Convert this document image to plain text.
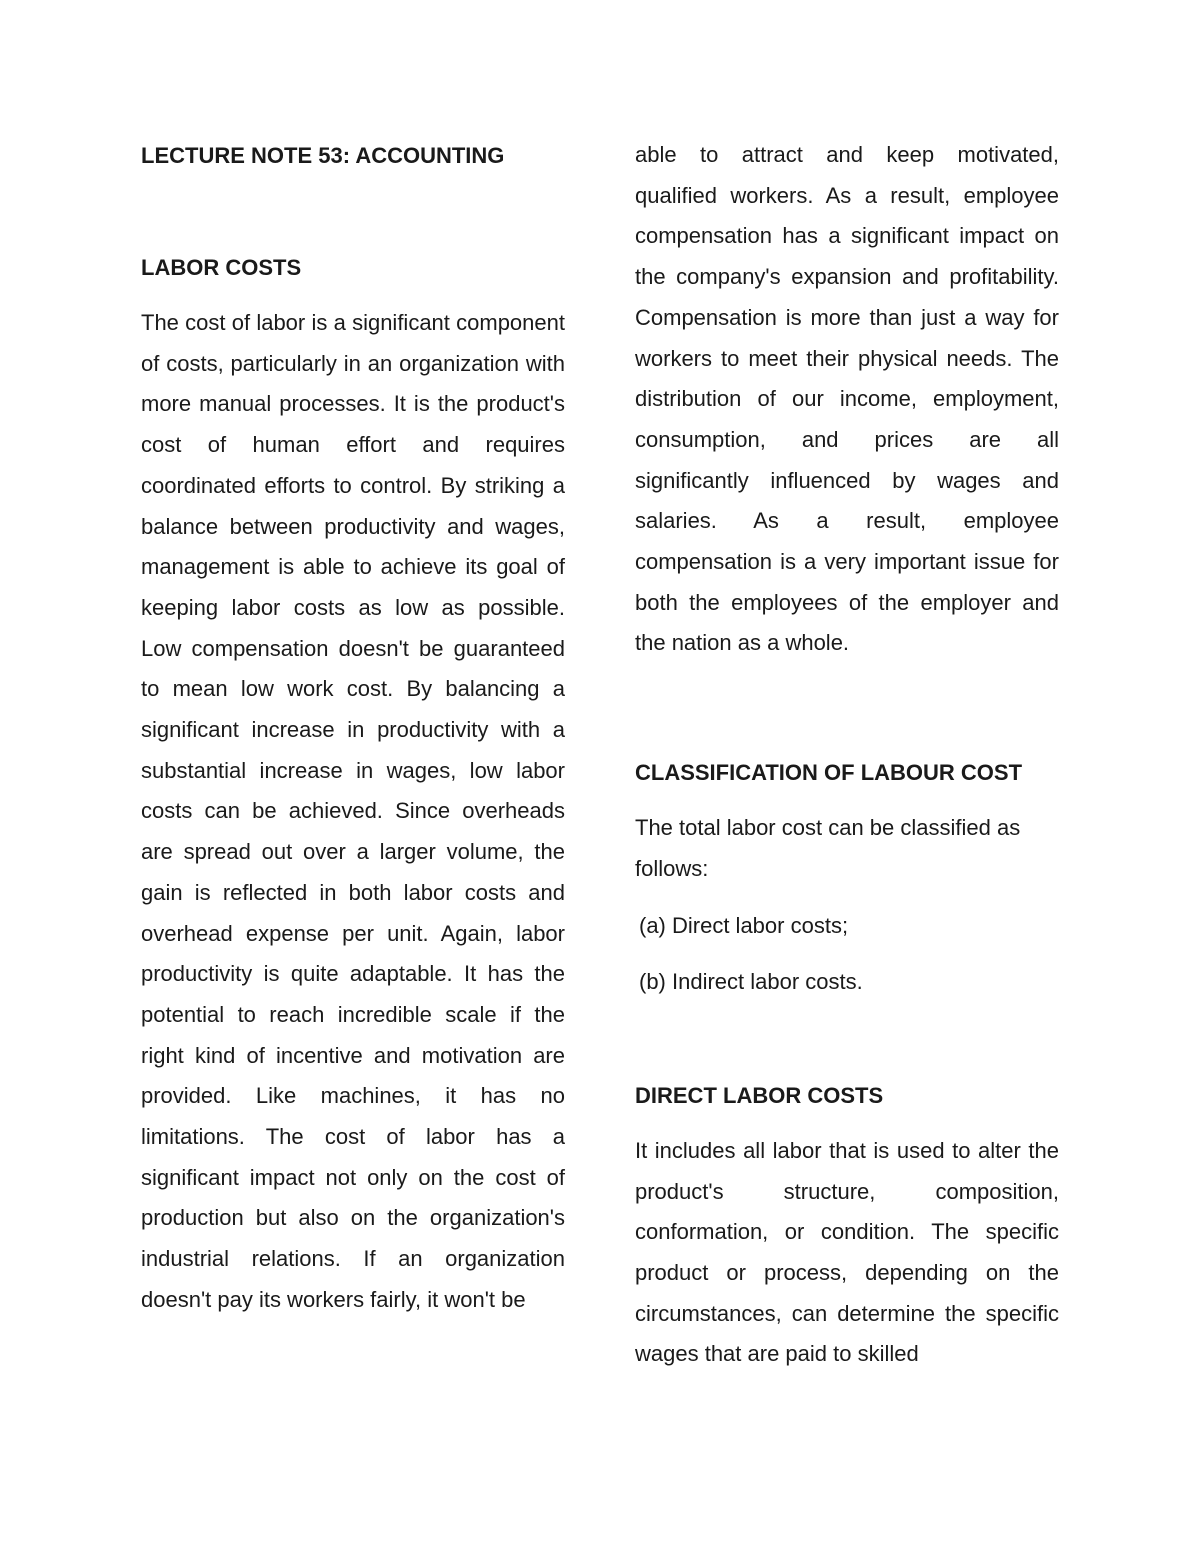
LECTURE NOTE 53: ACCOUNTING

LABOR COSTS

The cost of labor is a significant component of costs, particularly in an organization with more manual processes. It is the product's cost of human effort and requires coordinated efforts to control. By striking a balance between productivity and wages, management is able to achieve its goal of keeping labor costs as low as possible. Low compensation doesn't be guaranteed to mean low work cost. By balancing a significant increase in productivity with a substantial increase in wages, low labor costs can be achieved. Since overheads are spread out over a larger volume, the gain is reflected in both labor costs and overhead expense per unit. Again, labor productivity is quite adaptable. It has the potential to reach incredible scale if the right kind of incentive and motivation are provided. Like machines, it has no limitations. The cost of labor has a significant impact not only on the cost of production but also on the organization's industrial relations. If an organization doesn't pay its workers fairly, it won't be

able to attract and keep motivated, qualified workers. As a result, employee compensation has a significant impact on the company's expansion and profitability. Compensation is more than just a way for workers to meet their physical needs. The distribution of our income, employment, consumption, and prices are all significantly influenced by wages and salaries. As a result, employee compensation is a very important issue for both the employees of the employer and the nation as a whole.

CLASSIFICATION OF LABOUR COST

The total labor cost can be classified as follows:

(a) Direct labor costs;

(b) Indirect labor costs.

DIRECT LABOR COSTS

It includes all labor that is used to alter the product's structure, composition, conformation, or condition. The specific product or process, depending on the circumstances, can determine the specific wages that are paid to skilled
